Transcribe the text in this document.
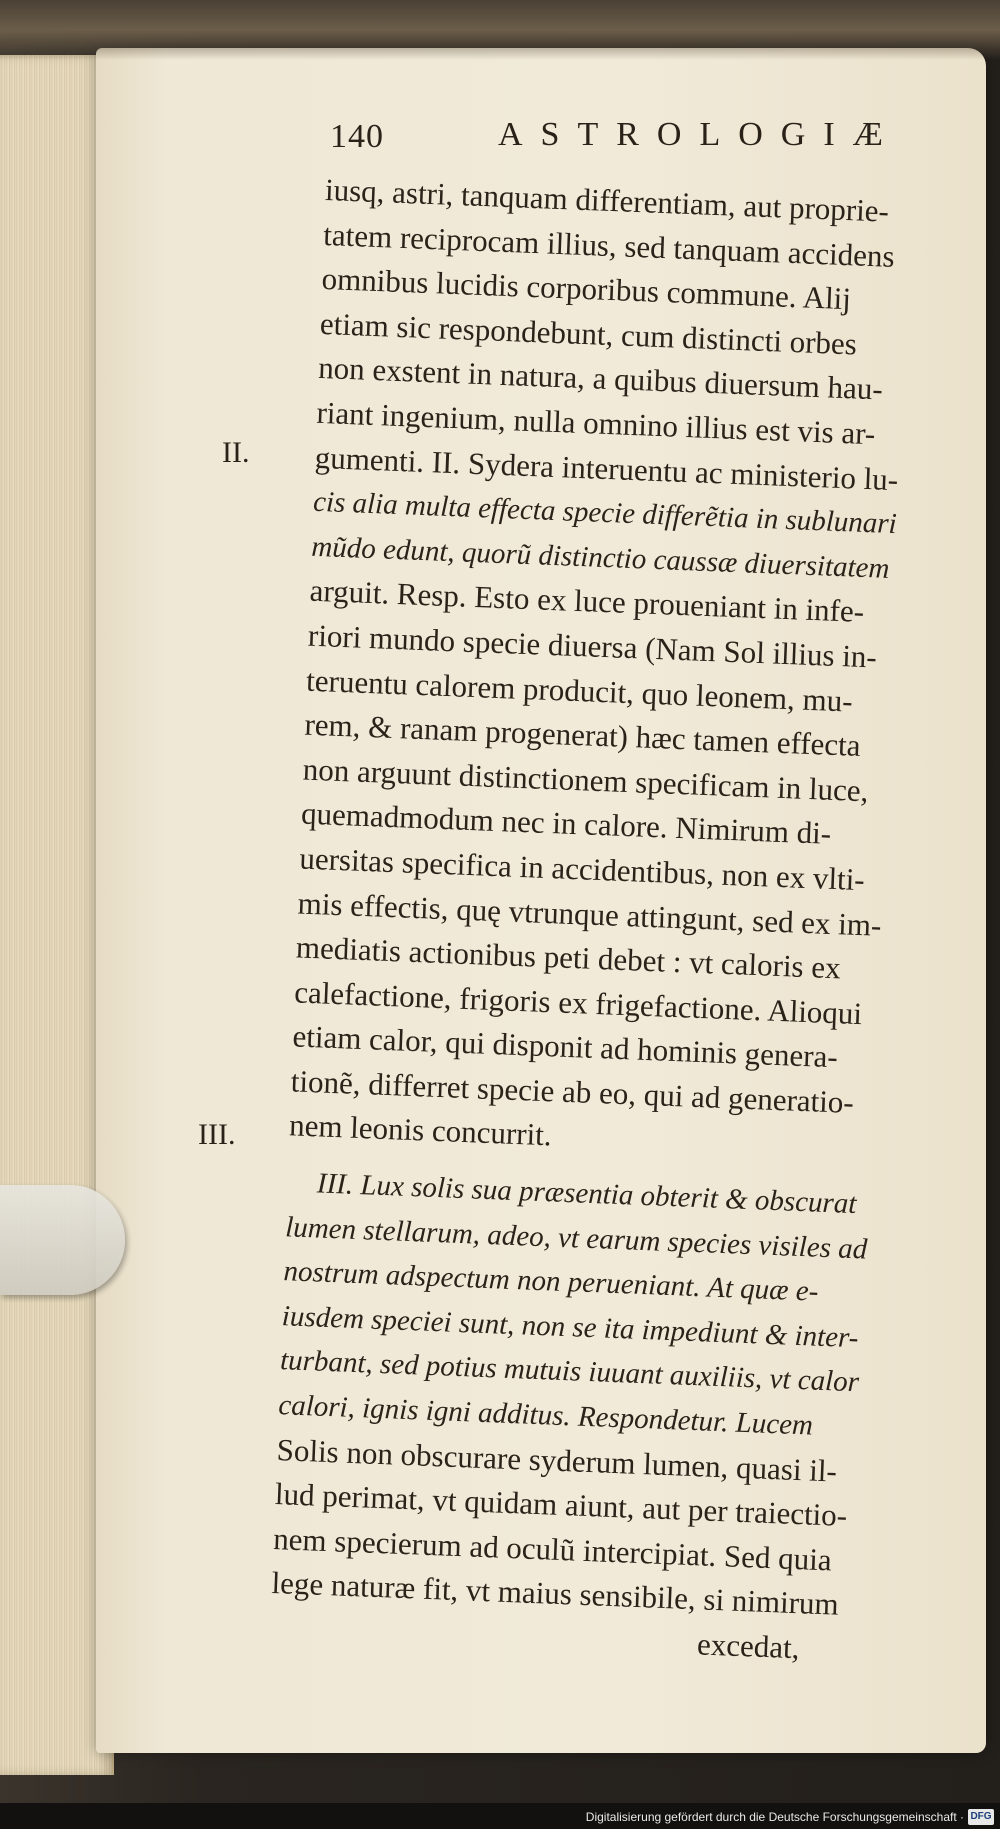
140	ASTROLOGIÆ
II.
III.
iusq, astri, tanquam differentiam, aut proprie-
tatem reciprocam illius, sed tanquam accidens
omnibus lucidis corporibus commune. Alij
etiam sic respondebunt, cum distincti orbes
non exstent in natura, a quibus diuersum hau-
riant ingenium, nulla omnino illius est vis ar-
gumenti. II. Sydera interuentu ac ministerio lu-
cis alia multa effecta specie differẽtia in sublunari
mũdo edunt, quorũ distinctio caussæ diuersitatem
arguit. Resp. Esto ex luce proueniant in infe-
riori mundo specie diuersa (Nam Sol illius in-
teruentu calorem producit, quo leonem, mu-
rem, & ranam progenerat) hæc tamen effecta
non arguunt distinctionem specificam in luce,
quemadmodum nec in calore. Nimirum di-
uersitas specifica in accidentibus, non ex vlti-
mis effectis, quę vtrunque attingunt, sed ex im-
mediatis actionibus peti debet : vt caloris ex
calefactione, frigoris ex frigefactione. Alioqui
etiam calor, qui disponit ad hominis genera-
tionẽ, differret specie ab eo, qui ad generatio-
nem leonis concurrit.
III. Lux solis sua præsentia obterit & obscurat
lumen stellarum, adeo, vt earum species visiles ad
nostrum adspectum non perueniant. At quæ e-
iusdem speciei sunt, non se ita impediunt & inter-
turbant, sed potius mutuis iuuant auxiliis, vt calor
calori, ignis igni additus. Respondetur. Lucem
Solis non obscurare syderum lumen, quasi il-
lud perimat, vt quidam aiunt, aut per traiectio-
nem specierum ad oculũ intercipiat. Sed quia
lege naturæ fit, vt maius sensibile, si nimirum
excedat,
Digitalisierung gefördert durch die Deutsche Forschungsgemeinschaft · DFG
